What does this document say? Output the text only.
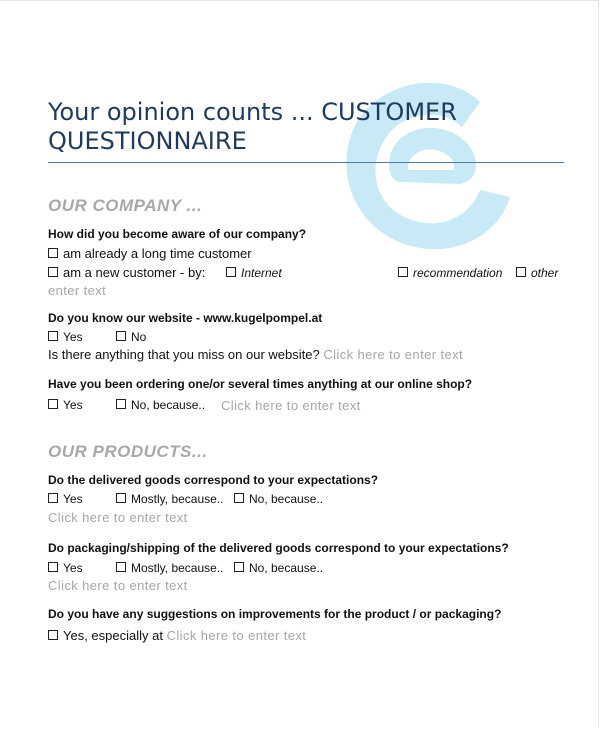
Your opinion counts ... CUSTOMER QUESTIONNAIRE
OUR COMPANY ...
How did you become aware of our company?
am already a long time customer
am a new customer - by:	Internet	recommendation	other
enter text
Do you know our website - www.kugelpompel.at
Yes	No
Is there anything that you miss on our website? Click here to enter text
Have you been ordering one/or several times anything at our online shop?
Yes	No, because.. Click here to enter text
OUR PRODUCTS...
Do the delivered goods correspond to your expectations?
Yes	Mostly, because..	No, because..
Click here to enter text
Do packaging/shipping of the delivered goods correspond to your expectations?
Yes	Mostly, because..	No, because..
Click here to enter text
Do you have any suggestions on improvements for the product / or packaging?
Yes, especially at Click here to enter text
